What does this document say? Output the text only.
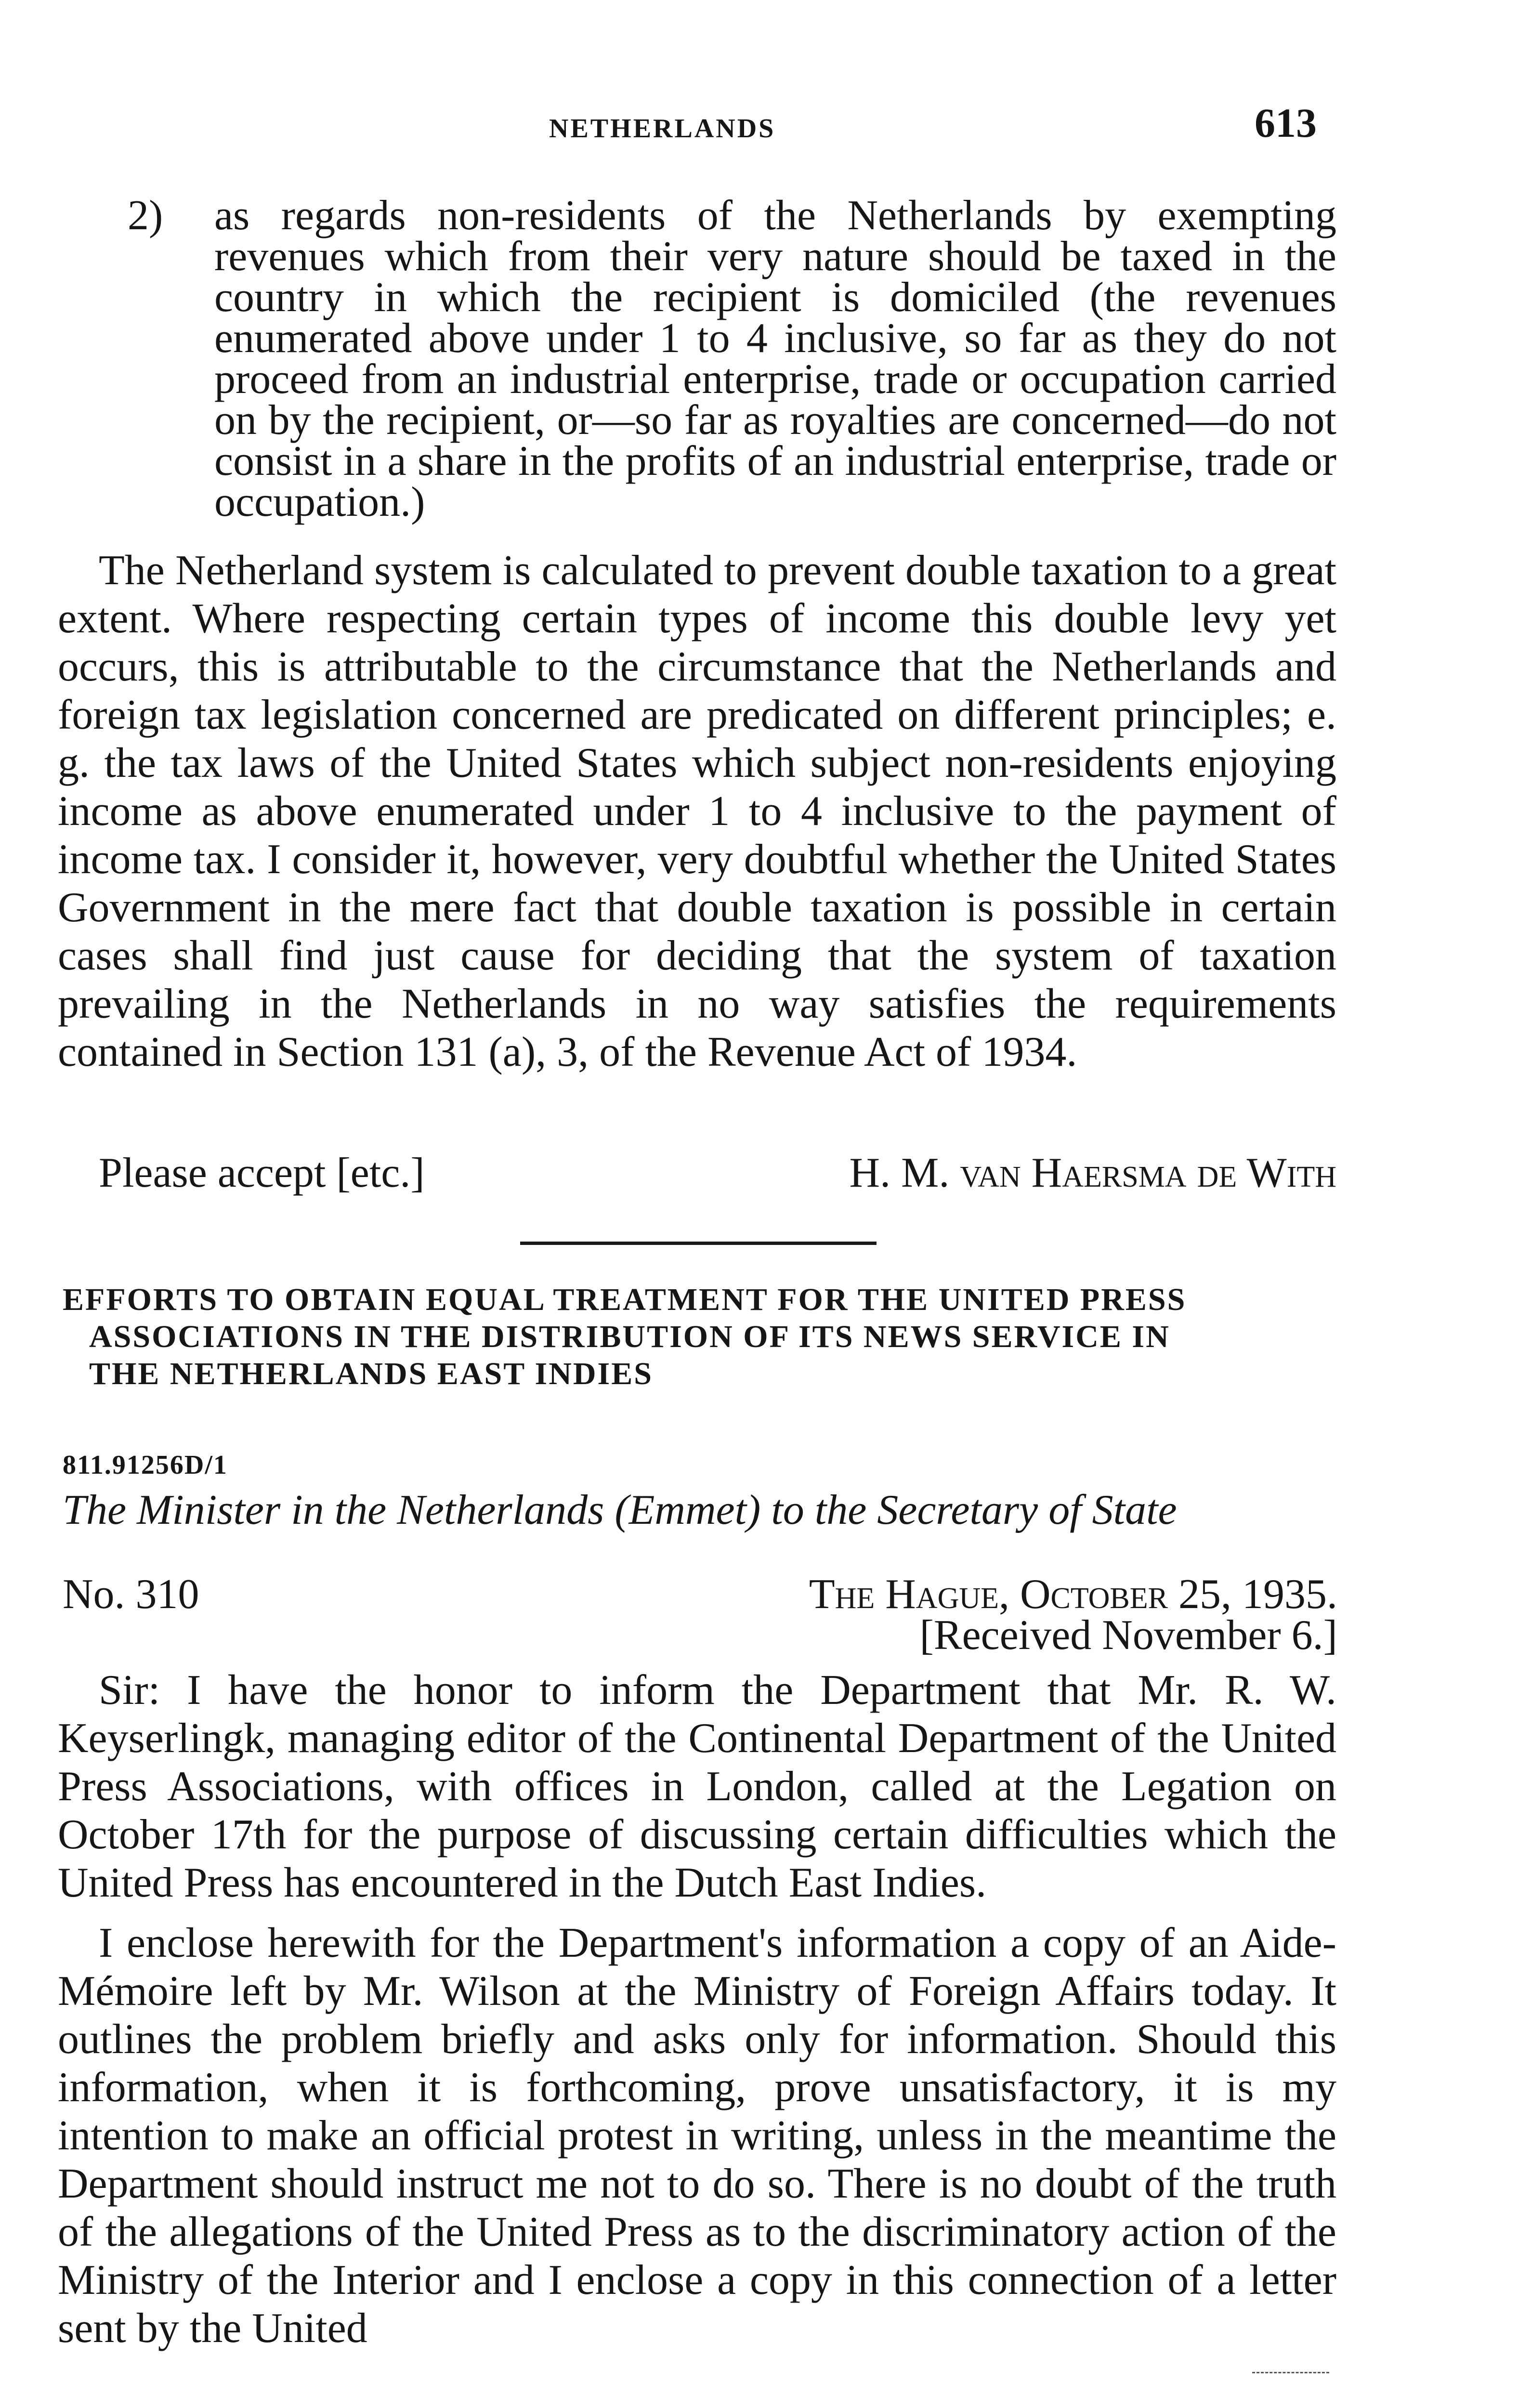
NETHERLANDS	613
2) as regards non-residents of the Netherlands by exempting revenues which from their very nature should be taxed in the country in which the recipient is domiciled (the revenues enumerated above under 1 to 4 inclusive, so far as they do not proceed from an industrial enterprise, trade or occupation carried on by the recipient, or—so far as royalties are concerned—do not consist in a share in the profits of an industrial enterprise, trade or occupation.)
The Netherland system is calculated to prevent double taxation to a great extent. Where respecting certain types of income this double levy yet occurs, this is attributable to the circumstance that the Netherlands and foreign tax legislation concerned are predicated on different principles; e. g. the tax laws of the United States which subject non-residents enjoying income as above enumerated under 1 to 4 inclusive to the payment of income tax. I consider it, however, very doubtful whether the United States Government in the mere fact that double taxation is possible in certain cases shall find just cause for deciding that the system of taxation prevailing in the Netherlands in no way satisfies the requirements contained in Section 131 (a), 3, of the Revenue Act of 1934.
Please accept [etc.]	H. M. van Haersma de With
EFFORTS TO OBTAIN EQUAL TREATMENT FOR THE UNITED PRESS
ASSOCIATIONS IN THE DISTRIBUTION OF ITS NEWS SERVICE IN
THE NETHERLANDS EAST INDIES
811.91256D/1
The Minister in the Netherlands (Emmet) to the Secretary of State
No. 310	The Hague, October 25, 1935.
[Received November 6.]
Sir: I have the honor to inform the Department that Mr. R. W. Keyserlingk, managing editor of the Continental Department of the United Press Associations, with offices in London, called at the Legation on October 17th for the purpose of discussing certain difficulties which the United Press has encountered in the Dutch East Indies.
I enclose herewith for the Department's information a copy of an Aide-Mémoire left by Mr. Wilson at the Ministry of Foreign Affairs today. It outlines the problem briefly and asks only for information. Should this information, when it is forthcoming, prove unsatisfactory, it is my intention to make an official protest in writing, unless in the meantime the Department should instruct me not to do so. There is no doubt of the truth of the allegations of the United Press as to the discriminatory action of the Ministry of the Interior and I enclose a copy in this connection of a letter sent by the United
